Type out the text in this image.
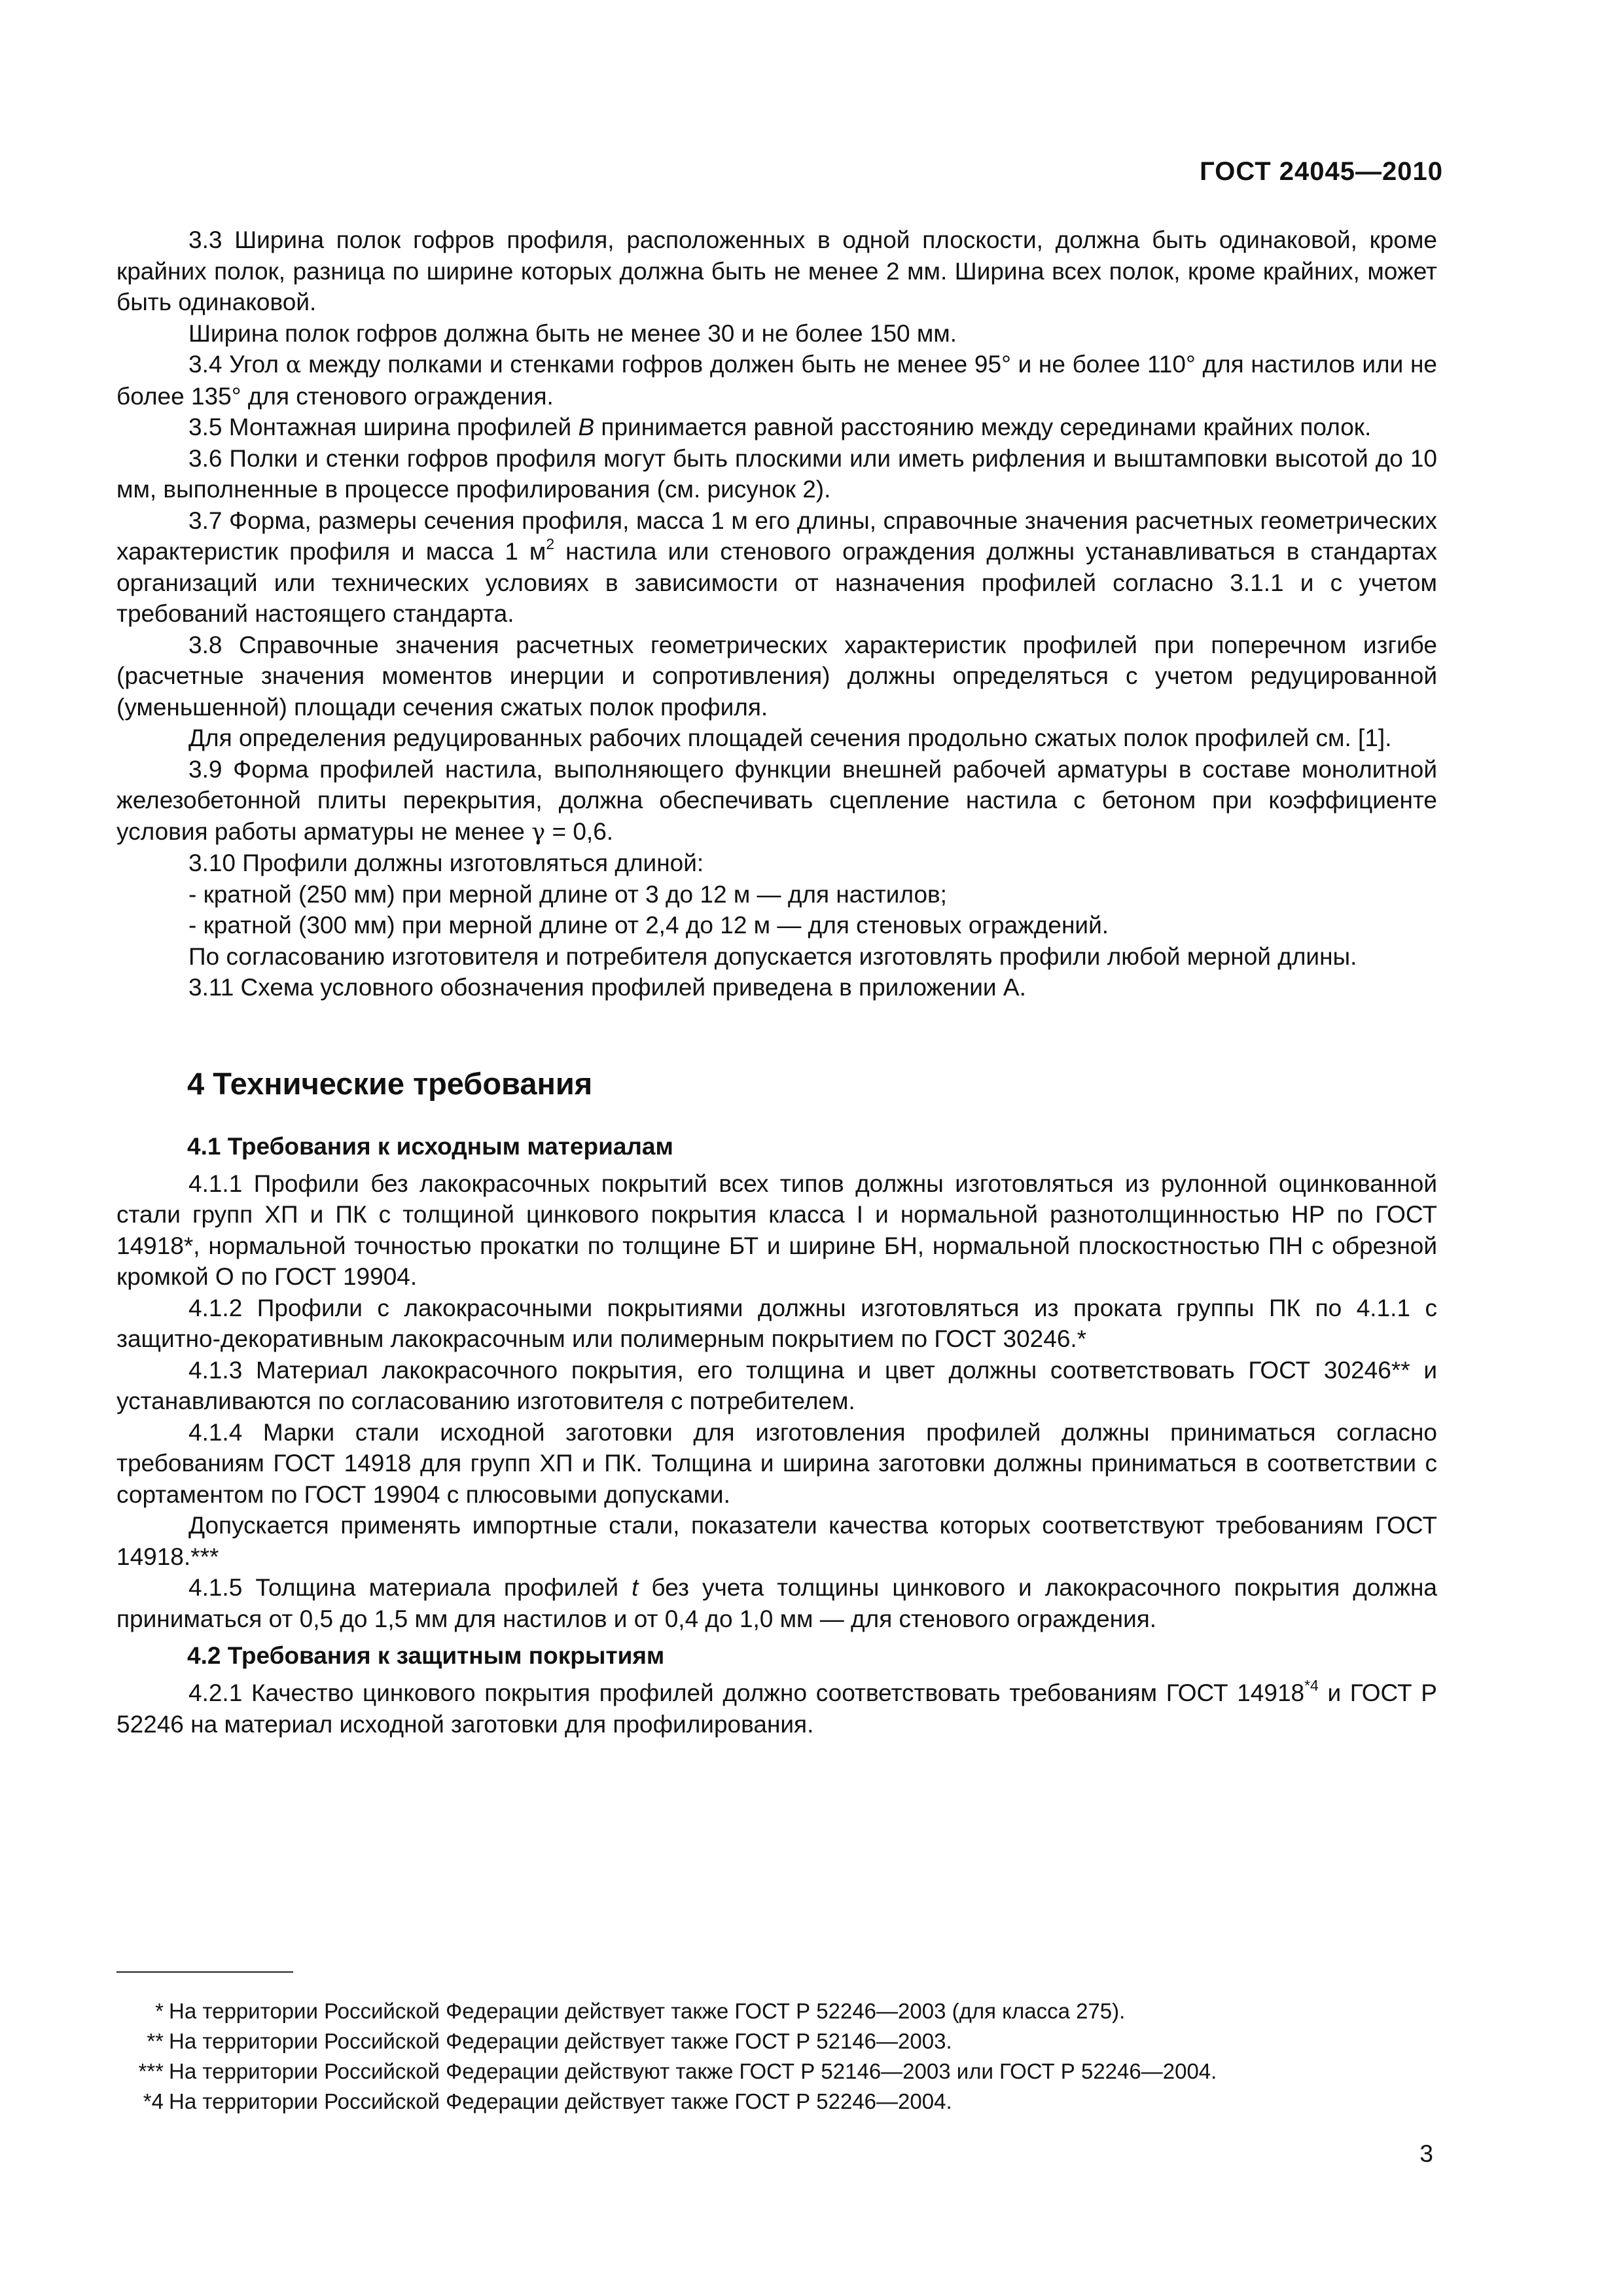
ГОСТ 24045—2010

3.3 Ширина полок гофров профиля, расположенных в одной плоскости, должна быть одинаковой, кроме крайних полок, разница по ширине которых должна быть не менее 2 мм. Ширина всех полок, кроме крайних, может быть одинаковой.

Ширина полок гофров должна быть не менее 30 и не более 150 мм.

3.4 Угол α между полками и стенками гофров должен быть не менее 95° и не более 110° для настилов или не более 135° для стенового ограждения.

3.5 Монтажная ширина профилей B принимается равной расстоянию между серединами крайних полок.

3.6 Полки и стенки гофров профиля могут быть плоскими или иметь рифления и выштамповки высотой до 10 мм, выполненные в процессе профилирования (см. рисунок 2).

3.7 Форма, размеры сечения профиля, масса 1 м его длины, справочные значения расчетных геометрических характеристик профиля и масса 1 $м^2$ настила или стенового ограждения должны устанавливаться в стандартах организаций или технических условиях в зависимости от назначения профилей согласно 3.1.1 и с учетом требований настоящего стандарта.

3.8 Справочные значения расчетных геометрических характеристик профилей при поперечном изгибе (расчетные значения моментов инерции и сопротивления) должны определяться с учетом редуцированной (уменьшенной) площади сечения сжатых полок профиля.

Для определения редуцированных рабочих площадей сечения продольно сжатых полок профилей см. [1].

3.9 Форма профилей настила, выполняющего функции внешней рабочей арматуры в составе монолитной железобетонной плиты перекрытия, должна обеспечивать сцепление настила с бетоном при коэффициенте условия работы арматуры не менее γ = 0,6.

3.10 Профили должны изготовляться длиной:

- кратной (250 мм) при мерной длине от 3 до 12 м — для настилов;

- кратной (300 мм) при мерной длине от 2,4 до 12 м — для стеновых ограждений.

По согласованию изготовителя и потребителя допускается изготовлять профили любой мерной длины.

3.11 Схема условного обозначения профилей приведена в приложении А.

4 Технические требования
4.1 Требования к исходным материалам

4.1.1 Профили без лакокрасочных покрытий всех типов должны изготовляться из рулонной оцинкованной стали групп ХП и ПК с толщиной цинкового покрытия класса I и нормальной разнотолщинностью НР по ГОСТ 14918*, нормальной точностью прокатки по толщине БТ и ширине БН, нормальной плоскостностью ПН с обрезной кромкой О по ГОСТ 19904.

4.1.2 Профили с лакокрасочными покрытиями должны изготовляться из проката группы ПК по 4.1.1 с защитно-декоративным лакокрасочным или полимерным покрытием по ГОСТ 30246.*

4.1.3 Материал лакокрасочного покрытия, его толщина и цвет должны соответствовать ГОСТ 30246** и устанавливаются по согласованию изготовителя с потребителем.

4.1.4 Марки стали исходной заготовки для изготовления профилей должны приниматься согласно требованиям ГОСТ 14918 для групп ХП и ПК. Толщина и ширина заготовки должны приниматься в соответствии с сортаментом по ГОСТ 19904 с плюсовыми допусками.

Допускается применять импортные стали, показатели качества которых соответствуют требованиям ГОСТ 14918.***

4.1.5 Толщина материала профилей t без учета толщины цинкового и лакокрасочного покрытия должна приниматься от 0,5 до 1,5 мм для настилов и от 0,4 до 1,0 мм — для стенового ограждения.

4.2 Требования к защитным покрытиям

4.2.1 Качество цинкового покрытия профилей должно соответствовать требованиям ГОСТ 14918$^{*4}$ и ГОСТ Р 52246 на материал исходной заготовки для профилирования.

* На территории Российской Федерации действует также ГОСТ Р 52246—2003 (для класса 275).

** На территории Российской Федерации действует также ГОСТ Р 52146—2003.

*** На территории Российской Федерации действуют также ГОСТ Р 52146—2003 или ГОСТ Р 52246—2004.

*4 На территории Российской Федерации действует также ГОСТ Р 52246—2004.

3
